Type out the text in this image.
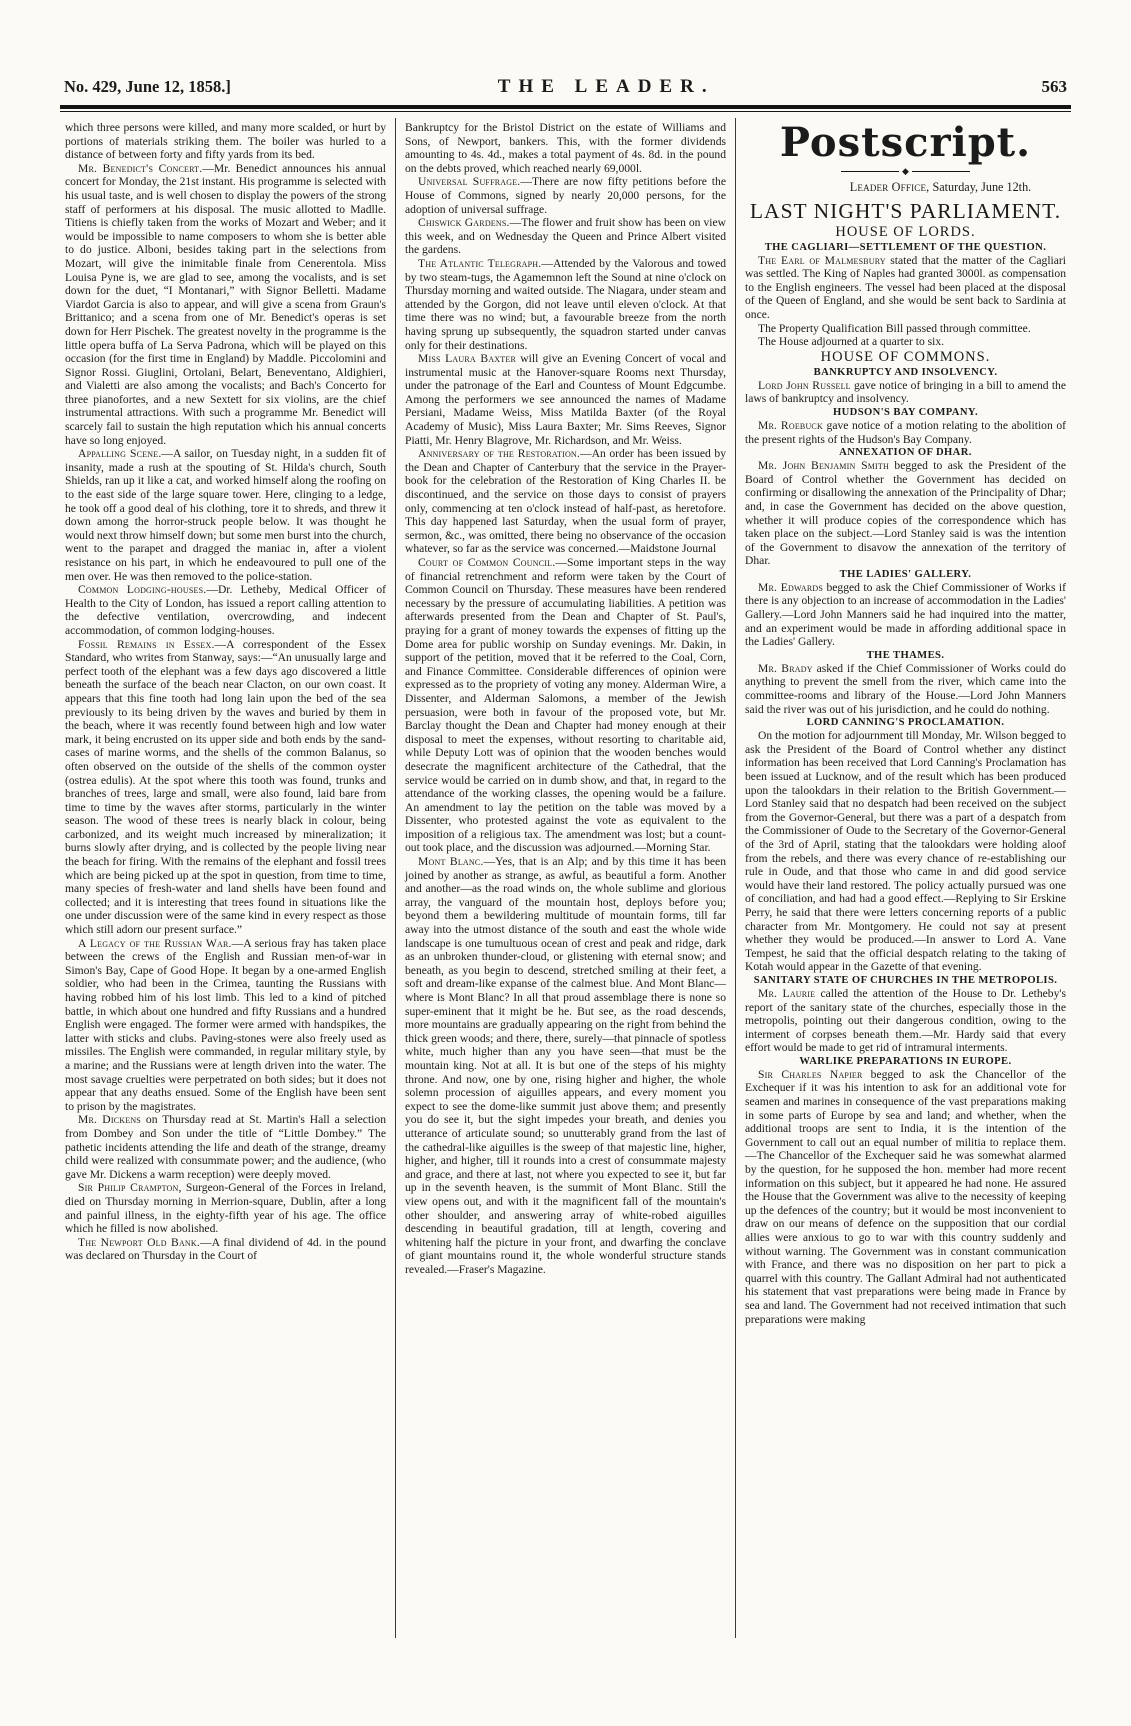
No. 429, June 12, 1858.]	THE LEADER.	563

which three persons were killed, and many more scalded, or hurt by portions of materials striking them. The boiler was hurled to a distance of between forty and fifty yards from its bed.

Mr. Benedict's Concert.—Mr. Benedict announces his annual concert for Monday, the 21st instant. His programme is selected with his usual taste, and is well chosen to display the powers of the strong staff of performers at his disposal. The music allotted to Madlle. Titiens is chiefly taken from the works of Mozart and Weber; and it would be impossible to name composers to whom she is better able to do justice. Alboni, besides taking part in the selections from Mozart, will give the inimitable finale from Cenerentola. Miss Louisa Pyne is, we are glad to see, among the vocalists, and is set down for the duet, “I Montanari,” with Signor Belletti. Madame Viardot Garcia is also to appear, and will give a scena from Graun's Brittanico; and a scena from one of Mr. Benedict's operas is set down for Herr Pischek. The greatest novelty in the programme is the little opera buffa of La Serva Padrona, which will be played on this occasion (for the first time in England) by Maddle. Piccolomini and Signor Rossi. Giuglini, Ortolani, Belart, Beneventano, Aldighieri, and Vialetti are also among the vocalists; and Bach's Concerto for three pianofortes, and a new Sextett for six violins, are the chief instrumental attractions. With such a programme Mr. Benedict will scarcely fail to sustain the high reputation which his annual concerts have so long enjoyed.

Appalling Scene.—A sailor, on Tuesday night, in a sudden fit of insanity, made a rush at the spouting of St. Hilda's church, South Shields, ran up it like a cat, and worked himself along the roofing on to the east side of the large square tower. Here, clinging to a ledge, he took off a good deal of his clothing, tore it to shreds, and threw it down among the horror-struck people below. It was thought he would next throw himself down; but some men burst into the church, went to the parapet and dragged the maniac in, after a violent resistance on his part, in which he endeavoured to pull one of the men over. He was then removed to the police-station.

Common Lodging-houses.—Dr. Letheby, Medical Officer of Health to the City of London, has issued a report calling attention to the defective ventilation, overcrowding, and indecent accommodation, of common lodging-houses.

Fossil Remains in Essex.—A correspondent of the Essex Standard, who writes from Stanway, says:—“An unusually large and perfect tooth of the elephant was a few days ago discovered a little beneath the surface of the beach near Clacton, on our own coast. It appears that this fine tooth had long lain upon the bed of the sea previously to its being driven by the waves and buried by them in the beach, where it was recently found between high and low water mark, it being encrusted on its upper side and both ends by the sand-cases of marine worms, and the shells of the common Balanus, so often observed on the outside of the shells of the common oyster (ostrea edulis). At the spot where this tooth was found, trunks and branches of trees, large and small, were also found, laid bare from time to time by the waves after storms, particularly in the winter season. The wood of these trees is nearly black in colour, being carbonized, and its weight much increased by mineralization; it burns slowly after drying, and is collected by the people living near the beach for firing. With the remains of the elephant and fossil trees which are being picked up at the spot in question, from time to time, many species of fresh-water and land shells have been found and collected; and it is interesting that trees found in situations like the one under discussion were of the same kind in every respect as those which still adorn our present surface.”

A Legacy of the Russian War.—A serious fray has taken place between the crews of the English and Russian men-of-war in Simon's Bay, Cape of Good Hope. It began by a one-armed English soldier, who had been in the Crimea, taunting the Russians with having robbed him of his lost limb. This led to a kind of pitched battle, in which about one hundred and fifty Russians and a hundred English were engaged. The former were armed with handspikes, the latter with sticks and clubs. Paving-stones were also freely used as missiles. The English were commanded, in regular military style, by a marine; and the Russians were at length driven into the water. The most savage cruelties were perpetrated on both sides; but it does not appear that any deaths ensued. Some of the English have been sent to prison by the magistrates.

Mr. Dickens on Thursday read at St. Martin's Hall a selection from Dombey and Son under the title of “Little Dombey.” The pathetic incidents attending the life and death of the strange, dreamy child were realized with consummate power; and the audience, (who gave Mr. Dickens a warm reception) were deeply moved.

Sir Philip Crampton, Surgeon-General of the Forces in Ireland, died on Thursday morning in Merrion-square, Dublin, after a long and painful illness, in the eighty-fifth year of his age. The office which he filled is now abolished.

The Newport Old Bank.—A final dividend of 4d. in the pound was declared on Thursday in the Court of

Bankruptcy for the Bristol District on the estate of Williams and Sons, of Newport, bankers. This, with the former dividends amounting to 4s. 4d., makes a total payment of 4s. 8d. in the pound on the debts proved, which reached nearly 69,000l.

Universal Suffrage.—There are now fifty petitions before the House of Commons, signed by nearly 20,000 persons, for the adoption of universal suffrage.

Chiswick Gardens.—The flower and fruit show has been on view this week, and on Wednesday the Queen and Prince Albert visited the gardens.

The Atlantic Telegraph.—Attended by the Valorous and towed by two steam-tugs, the Agamemnon left the Sound at nine o'clock on Thursday morning and waited outside. The Niagara, under steam and attended by the Gorgon, did not leave until eleven o'clock. At that time there was no wind; but, a favourable breeze from the north having sprung up subsequently, the squadron started under canvas only for their destinations.

Miss Laura Baxter will give an Evening Concert of vocal and instrumental music at the Hanover-square Rooms next Thursday, under the patronage of the Earl and Countess of Mount Edgcumbe. Among the performers we see announced the names of Madame Persiani, Madame Weiss, Miss Matilda Baxter (of the Royal Academy of Music), Miss Laura Baxter; Mr. Sims Reeves, Signor Piatti, Mr. Henry Blagrove, Mr. Richardson, and Mr. Weiss.

Anniversary of the Restoration.—An order has been issued by the Dean and Chapter of Canterbury that the service in the Prayer-book for the celebration of the Restoration of King Charles II. be discontinued, and the service on those days to consist of prayers only, commencing at ten o'clock instead of half-past, as heretofore. This day happened last Saturday, when the usual form of prayer, sermon, &c., was omitted, there being no observance of the occasion whatever, so far as the service was concerned.—Maidstone Journal

Court of Common Council.—Some important steps in the way of financial retrenchment and reform were taken by the Court of Common Council on Thursday. These measures have been rendered necessary by the pressure of accumulating liabilities. A petition was afterwards presented from the Dean and Chapter of St. Paul's, praying for a grant of money towards the expenses of fitting up the Dome area for public worship on Sunday evenings. Mr. Dakin, in support of the petition, moved that it be referred to the Coal, Corn, and Finance Committee. Considerable differences of opinion were expressed as to the propriety of voting any money. Alderman Wire, a Dissenter, and Alderman Salomons, a member of the Jewish persuasion, were both in favour of the proposed vote, but Mr. Barclay thought the Dean and Chapter had money enough at their disposal to meet the expenses, without resorting to charitable aid, while Deputy Lott was of opinion that the wooden benches would desecrate the magnificent architecture of the Cathedral, that the service would be carried on in dumb show, and that, in regard to the attendance of the working classes, the opening would be a failure. An amendment to lay the petition on the table was moved by a Dissenter, who protested against the vote as equivalent to the imposition of a religious tax. The amendment was lost; but a count-out took place, and the discussion was adjourned.—Morning Star.

Mont Blanc.—Yes, that is an Alp; and by this time it has been joined by another as strange, as awful, as beautiful a form. Another and another—as the road winds on, the whole sublime and glorious array, the vanguard of the mountain host, deploys before you; beyond them a bewildering multitude of mountain forms, till far away into the utmost distance of the south and east the whole wide landscape is one tumultuous ocean of crest and peak and ridge, dark as an unbroken thunder-cloud, or glistening with eternal snow; and beneath, as you begin to descend, stretched smiling at their feet, a soft and dream-like expanse of the calmest blue. And Mont Blanc—where is Mont Blanc? In all that proud assemblage there is none so super-eminent that it might be he. But see, as the road descends, more mountains are gradually appearing on the right from behind the thick green woods; and there, there, surely—that pinnacle of spotless white, much higher than any you have seen—that must be the mountain king. Not at all. It is but one of the steps of his mighty throne. And now, one by one, rising higher and higher, the whole solemn procession of aiguilles appears, and every moment you expect to see the dome-like summit just above them; and presently you do see it, but the sight impedes your breath, and denies you utterance of articulate sound; so unutterably grand from the last of the cathedral-like aiguilles is the sweep of that majestic line, higher, higher, and higher, till it rounds into a crest of consummate majesty and grace, and there at last, not where you expected to see it, but far up in the seventh heaven, is the summit of Mont Blanc. Still the view opens out, and with it the magnificent fall of the mountain's other shoulder, and answering array of white-robed aiguilles descending in beautiful gradation, till at length, covering and whitening half the picture in your front, and dwarfing the conclave of giant mountains round it, the whole wonderful structure stands revealed.—Fraser's Magazine.

Postscript.
◆
Leader Office, Saturday, June 12th.

LAST NIGHT'S PARLIAMENT.

HOUSE OF LORDS.

THE CAGLIARI—SETTLEMENT OF THE QUESTION.

The Earl of Malmesbury stated that the matter of the Cagliari was settled. The King of Naples had granted 3000l. as compensation to the English engineers. The vessel had been placed at the disposal of the Queen of England, and she would be sent back to Sardinia at once.

The Property Qualification Bill passed through committee.

The House adjourned at a quarter to six.

HOUSE OF COMMONS.

BANKRUPTCY AND INSOLVENCY.

Lord John Russell gave notice of bringing in a bill to amend the laws of bankruptcy and insolvency.

HUDSON'S BAY COMPANY.

Mr. Roebuck gave notice of a motion relating to the abolition of the present rights of the Hudson's Bay Company.

ANNEXATION OF DHAR.

Mr. John Benjamin Smith begged to ask the President of the Board of Control whether the Government has decided on confirming or disallowing the annexation of the Principality of Dhar; and, in case the Government has decided on the above question, whether it will produce copies of the correspondence which has taken place on the subject.—Lord Stanley said is was the intention of the Government to disavow the annexation of the territory of Dhar.

THE LADIES' GALLERY.

Mr. Edwards begged to ask the Chief Commissioner of Works if there is any objection to an increase of accommodation in the Ladies' Gallery.—Lord John Manners said he had inquired into the matter, and an experiment would be made in affording additional space in the Ladies' Gallery.

THE THAMES.

Mr. Brady asked if the Chief Commissioner of Works could do anything to prevent the smell from the river, which came into the committee-rooms and library of the House.—Lord John Manners said the river was out of his jurisdiction, and he could do nothing.

LORD CANNING'S PROCLAMATION.

On the motion for adjournment till Monday, Mr. Wilson begged to ask the President of the Board of Control whether any distinct information has been received that Lord Canning's Proclamation has been issued at Lucknow, and of the result which has been produced upon the talookdars in their relation to the British Government.—Lord Stanley said that no despatch had been received on the subject from the Governor-General, but there was a part of a despatch from the Commissioner of Oude to the Secretary of the Governor-General of the 3rd of April, stating that the talookdars were holding aloof from the rebels, and there was every chance of re-establishing our rule in Oude, and that those who came in and did good service would have their land restored. The policy actually pursued was one of conciliation, and had had a good effect.—Replying to Sir Erskine Perry, he said that there were letters concerning reports of a public character from Mr. Montgomery. He could not say at present whether they would be produced.—In answer to Lord A. Vane Tempest, he said that the official despatch relating to the taking of Kotah would appear in the Gazette of that evening.

SANITARY STATE OF CHURCHES IN THE METROPOLIS.

Mr. Laurie called the attention of the House to Dr. Letheby's report of the sanitary state of the churches, especially those in the metropolis, pointing out their dangerous condition, owing to the interment of corpses beneath them.—Mr. Hardy said that every effort would be made to get rid of intramural interments.

WARLIKE PREPARATIONS IN EUROPE.

Sir Charles Napier begged to ask the Chancellor of the Exchequer if it was his intention to ask for an additional vote for seamen and marines in consequence of the vast preparations making in some parts of Europe by sea and land; and whether, when the additional troops are sent to India, it is the intention of the Government to call out an equal number of militia to replace them.—The Chancellor of the Exchequer said he was somewhat alarmed by the question, for he supposed the hon. member had more recent information on this subject, but it appeared he had none. He assured the House that the Government was alive to the necessity of keeping up the defences of the country; but it would be most inconvenient to draw on our means of defence on the supposition that our cordial allies were anxious to go to war with this country suddenly and without warning. The Government was in constant communication with France, and there was no disposition on her part to pick a quarrel with this country. The Gallant Admiral had not authenticated his statement that vast preparations were being made in France by sea and land. The Government had not received intimation that such preparations were making
